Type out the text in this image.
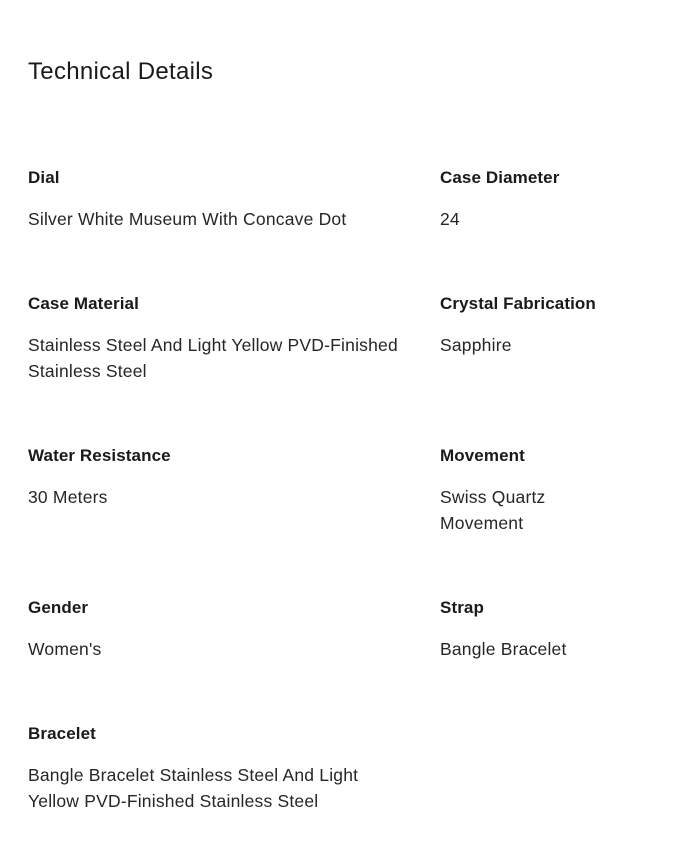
Technical Details
Dial
Silver White Museum With Concave Dot
Case Diameter
24
Case Material
Stainless Steel And Light Yellow PVD-Finished Stainless Steel
Crystal Fabrication
Sapphire
Water Resistance
30 Meters
Movement
Swiss Quartz Movement
Gender
Women's
Strap
Bangle Bracelet
Bracelet
Bangle Bracelet Stainless Steel And Light Yellow PVD-Finished Stainless Steel
